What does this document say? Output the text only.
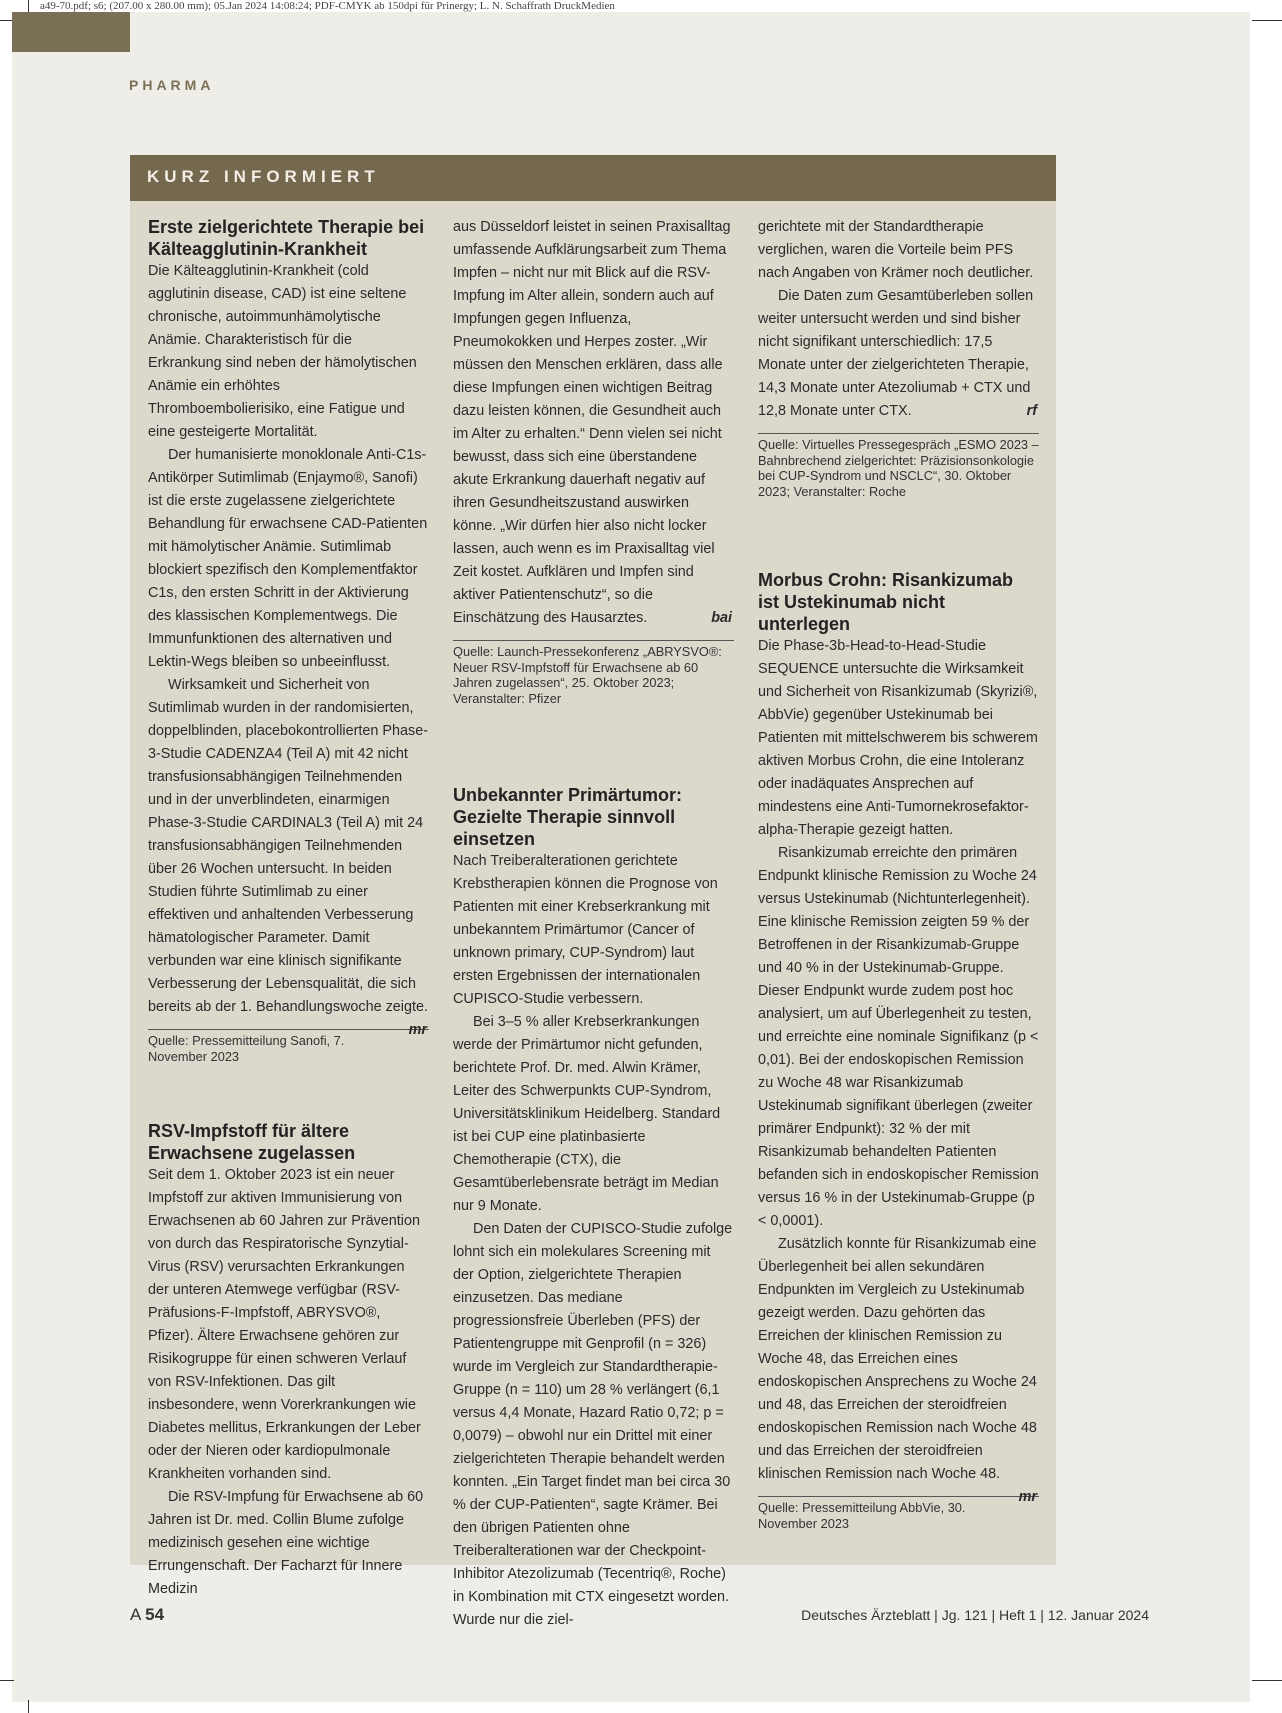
a49-70.pdf; s6; (207.00 x 280.00 mm); 05.Jan 2024 14:08:24; PDF-CMYK ab 150dpi für Prinergy; L. N. Schaffrath DruckMedien
PHARMA
KURZ INFORMIERT
Erste zielgerichtete Therapie bei Kälteagglutinin-Krankheit

Die Kälteagglutinin-Krankheit (cold agglutinin disease, CAD) ist eine seltene chronische, autoimmunhämolytische Anämie. Charakteristisch für die Erkrankung sind neben der hämolytischen Anämie ein erhöhtes Thromboembolierisiko, eine Fatigue und eine gesteigerte Mortalität.

Der humanisierte monoklonale Anti-C1s-Antikörper Sutimlimab (Enjaymo®, Sanofi) ist die erste zugelassene zielgerichtete Behandlung für erwachsene CAD-Patienten mit hämolytischer Anämie. Sutimlimab blockiert spezifisch den Komplementfaktor C1s, den ersten Schritt in der Aktivierung des klassischen Komplementwegs. Die Immunfunktionen des alternativen und Lektin-Wegs bleiben so unbeeinflusst.

Wirksamkeit und Sicherheit von Sutimlimab wurden in der randomisierten, doppelblinden, placebokontrollierten Phase-3-Studie CADENZA4 (Teil A) mit 42 nicht transfusionsabhängigen Teilnehmenden und in der unverblindeten, einarmigen Phase-3-Studie CARDINAL3 (Teil A) mit 24 transfusionsabhängigen Teilnehmenden über 26 Wochen untersucht. In beiden Studien führte Sutimlimab zu einer effektiven und anhaltenden Verbesserung hämatologischer Parameter. Damit verbunden war eine klinisch signifikante Verbesserung der Lebensqualität, die sich bereits ab der 1. Behandlungswoche zeigte.
mr

Quelle: Pressemitteilung Sanofi, 7. November 2023
RSV-Impfstoff für ältere Erwachsene zugelassen

Seit dem 1. Oktober 2023 ist ein neuer Impfstoff zur aktiven Immunisierung von Erwachsenen ab 60 Jahren zur Prävention von durch das Respiratorische Synzytial-Virus (RSV) verursachten Erkrankungen der unteren Atemwege verfügbar (RSV-Präfusions-F-Impfstoff, ABRYSVO®, Pfizer). Ältere Erwachsene gehören zur Risikogruppe für einen schweren Verlauf von RSV-Infektionen. Das gilt insbesondere, wenn Vorerkrankungen wie Diabetes mellitus, Erkrankungen der Leber oder der Nieren oder kardiopulmonale Krankheiten vorhanden sind.

Die RSV-Impfung für Erwachsene ab 60 Jahren ist Dr. med. Collin Blume zufolge medizinisch gesehen eine wichtige Errungenschaft. Der Facharzt für Innere Medizin

aus Düsseldorf leistet in seinen Praxisalltag umfassende Aufklärungsarbeit zum Thema Impfen – nicht nur mit Blick auf die RSV-Impfung im Alter allein, sondern auch auf Impfungen gegen Influenza, Pneumokokken und Herpes zoster. „Wir müssen den Menschen erklären, dass alle diese Impfungen einen wichtigen Beitrag dazu leisten können, die Gesundheit auch im Alter zu erhalten.“ Denn vielen sei nicht bewusst, dass sich eine überstandene akute Erkrankung dauerhaft negativ auf ihren Gesundheitszustand auswirken könne. „Wir dürfen hier also nicht locker lassen, auch wenn es im Praxisalltag viel Zeit kostet. Aufklären und Impfen sind aktiver Patientenschutz“, so die Einschätzung des Hausarztes.	bai

Quelle: Launch-Pressekonferenz „ABRYSVO®: Neuer RSV-Impfstoff für Erwachsene ab 60 Jahren zugelassen“, 25. Oktober 2023; Veranstalter: Pfizer
Unbekannter Primärtumor: Gezielte Therapie sinnvoll einsetzen

Nach Treiberalterationen gerichtete Krebstherapien können die Prognose von Patienten mit einer Krebserkrankung mit unbekanntem Primärtumor (Cancer of unknown primary, CUP-Syndrom) laut ersten Ergebnissen der internationalen CUPISCO-Studie verbessern.

Bei 3–5 % aller Krebserkrankungen werde der Primärtumor nicht gefunden, berichtete Prof. Dr. med. Alwin Krämer, Leiter des Schwerpunkts CUP-Syndrom, Universitätsklinikum Heidelberg. Standard ist bei CUP eine platinbasierte Chemotherapie (CTX), die Gesamtüberlebensrate beträgt im Median nur 9 Monate.

Den Daten der CUPISCO-Studie zufolge lohnt sich ein molekulares Screening mit der Option, zielgerichtete Therapien einzusetzen. Das mediane progressionsfreie Überleben (PFS) der Patientengruppe mit Genprofil (n = 326) wurde im Vergleich zur Standardtherapie-Gruppe (n = 110) um 28 % verlängert (6,1 versus 4,4 Monate, Hazard Ratio 0,72; p = 0,0079) – obwohl nur ein Drittel mit einer zielgerichteten Therapie behandelt werden konnten. „Ein Target findet man bei circa 30 % der CUP-Patienten“, sagte Krämer. Bei den übrigen Patienten ohne Treiberalterationen war der Checkpoint-Inhibitor Atezolizumab (Tecentriq®, Roche) in Kombination mit CTX eingesetzt worden. Wurde nur die ziel-

gerichtete mit der Standardtherapie verglichen, waren die Vorteile beim PFS nach Angaben von Krämer noch deutlicher.

Die Daten zum Gesamtüberleben sollen weiter untersucht werden und sind bisher nicht signifikant unterschiedlich: 17,5 Monate unter der zielgerichteten Therapie, 14,3 Monate unter Atezoliumab + CTX und 12,8 Monate unter CTX.	rf

Quelle: Virtuelles Pressegespräch „ESMO 2023 – Bahnbrechend zielgerichtet: Präzisionsonkologie bei CUP-Syndrom und NSCLC“, 30. Oktober 2023; Veranstalter: Roche
Morbus Crohn: Risankizumab ist Ustekinumab nicht unterlegen

Die Phase-3b-Head-to-Head-Studie SEQUENCE untersuchte die Wirksamkeit und Sicherheit von Risankizumab (Skyrizi®, AbbVie) gegenüber Ustekinumab bei Patienten mit mittelschwerem bis schwerem aktiven Morbus Crohn, die eine Intoleranz oder inadäquates Ansprechen auf mindestens eine Anti-Tumornekrosefaktor-alpha-Therapie gezeigt hatten.

Risankizumab erreichte den primären Endpunkt klinische Remission zu Woche 24 versus Ustekinumab (Nichtunterlegenheit). Eine klinische Remission zeigten 59 % der Betroffenen in der Risankizumab-Gruppe und 40 % in der Ustekinumab-Gruppe. Dieser Endpunkt wurde zudem post hoc analysiert, um auf Überlegenheit zu testen, und erreichte eine nominale Signifikanz (p < 0,01). Bei der endoskopischen Remission zu Woche 48 war Risankizumab Ustekinumab signifikant überlegen (zweiter primärer Endpunkt): 32 % der mit Risankizumab behandelten Patienten befanden sich in endoskopischer Remission versus 16 % in der Ustekinumab-Gruppe (p < 0,0001).

Zusätzlich konnte für Risankizumab eine Überlegenheit bei allen sekundären Endpunkten im Vergleich zu Ustekinumab gezeigt werden. Dazu gehörten das Erreichen der klinischen Remission zu Woche 48, das Erreichen eines endoskopischen Ansprechens zu Woche 24 und 48, das Erreichen der steroidfreien endoskopischen Remission nach Woche 48 und das Erreichen der steroidfreien klinischen Remission nach Woche 48.
mr

Quelle: Pressemitteilung AbbVie, 30. November 2023
A 54	Deutsches Ärzteblatt | Jg. 121 | Heft 1 | 12. Januar 2024
